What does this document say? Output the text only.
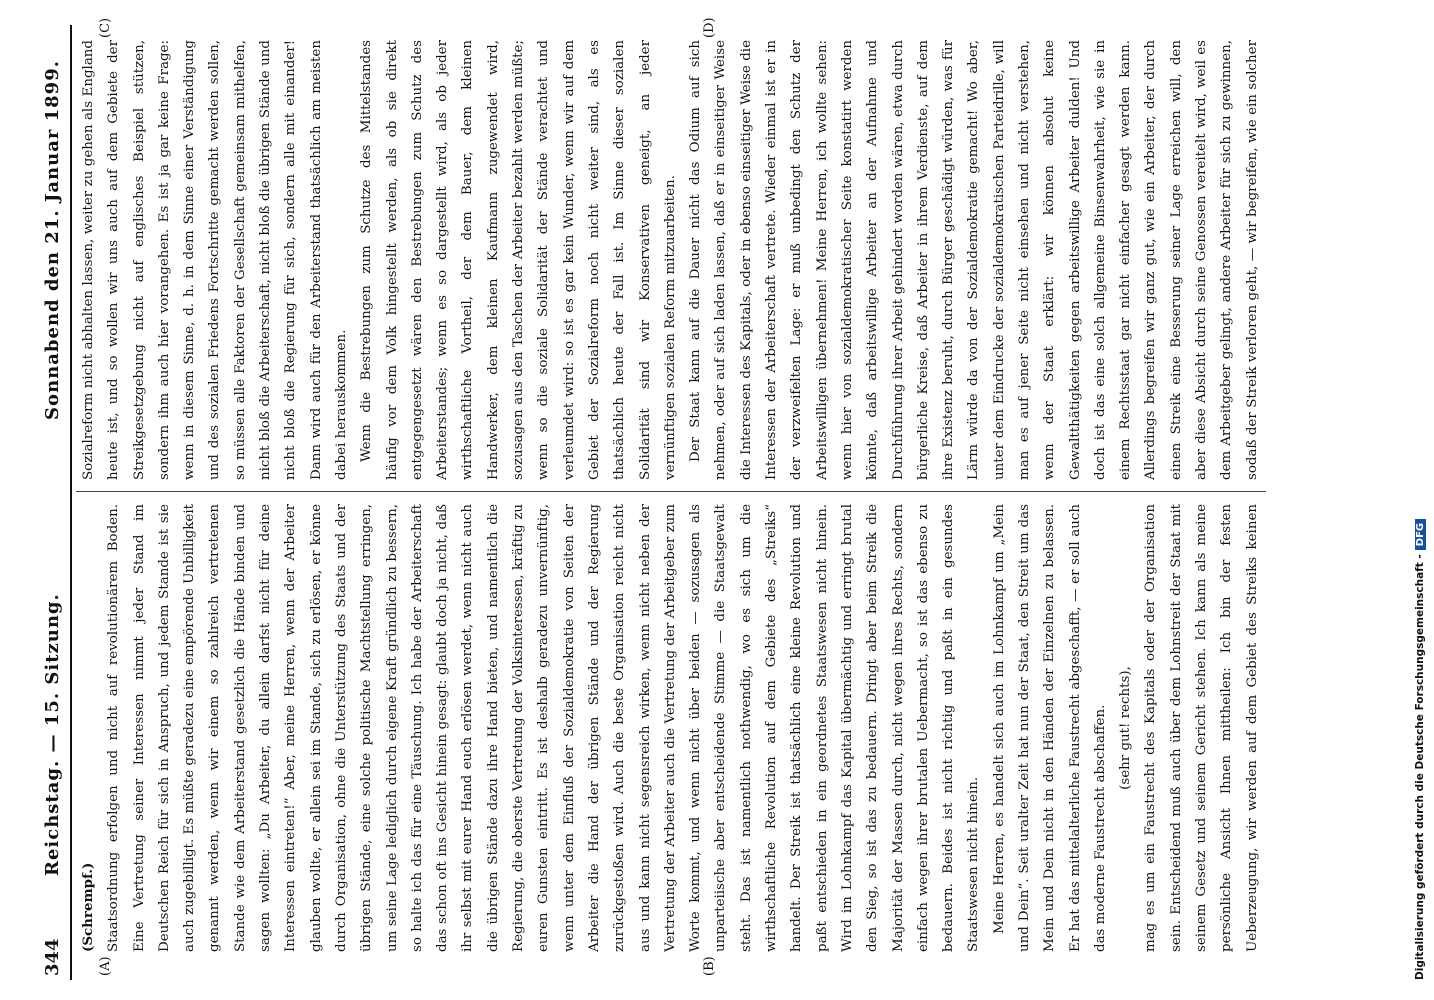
344
Reichstag. — 15. Sitzung.
Sonnabend den 21. Januar 1899.
(A)	(B)
(C)	(D)

(Schrempf.) Staatsordnung erfolgen und nicht auf revolutionärem Boden. Eine Vertretung seiner Interessen nimmt jeder Stand im Deutschen Reich für sich in Anspruch, und jedem Stande ist sie auch zugebilligt. Es müßte geradezu eine empörende Unbilligkeit genannt werden, wenn wir einem so zahlreich vertretenen Stande wie dem Arbeiterstand gesetzlich die Hände binden und sagen wollten: „Du Arbeiter, du allein darfst nicht für deine Interessen eintreten!“ Aber, meine Herren, wenn der Arbeiter glauben wollte, er allein sei im Stande, sich zu erlösen, er könne durch Organisation, ohne die Unterstützung des Staats und der übrigen Stände, eine solche politische Machtstellung erringen, um seine Lage lediglich durch eigene Kraft gründlich zu bessern, so halte ich das für eine Täuschung. Ich habe der Arbeiterschaft das schon oft ins Gesicht hinein gesagt: glaubt doch ja nicht, daß ihr selbst mit eurer Hand euch erlösen werdet, wenn nicht auch die übrigen Stände dazu ihre Hand bieten, und namentlich die Regierung, die oberste Vertretung der Volksinteressen, kräftig zu euren Gunsten eintritt. Es ist deshalb geradezu unvernünftig, wenn unter dem Einfluß der Sozialdemokratie von Seiten der Arbeiter die Hand der übrigen Stände und der Regierung zurückgestoßen wird. Auch die beste Organisation reicht nicht aus und kann nicht segensreich wirken, wenn nicht neben der Vertretung der Arbeiter auch die Vertretung der Arbeitgeber zum Worte kommt, und wenn nicht über beiden — sozusagen als unparteiische aber entscheidende Stimme — die Staatsgewalt steht. Das ist namentlich nothwendig, wo es sich um die wirthschaftliche Revolution auf dem Gebiete des „Streiks“ handelt. Der Streik ist thatsächlich eine kleine Revolution und paßt entschieden in ein geordnetes Staatswesen nicht hinein. Wird im Lohnkampf das Kapital übermächtig und erringt brutal den Sieg, so ist das zu bedauern. Dringt aber beim Streik die Majorität der Massen durch, nicht wegen ihres Rechts, sondern einfach wegen ihrer brutalen Uebermacht, so ist das ebenso zu bedauern. Beides ist nicht richtig und paßt in ein gesundes Staatswesen nicht hinein. Meine Herren, es handelt sich auch im Lohnkampf um „Mein und Dein“. Seit uralter Zeit hat nun der Staat, den Streit um das Mein und Dein nicht in den Händen der Einzelnen zu belassen. Er hat das mittelalterliche Faustrecht abgeschafft, — er soll auch das moderne Faustrecht abschaffen. (sehr gut! rechts),

mag es um ein Faustrecht des Kapitals oder der Organisation sein. Entscheidend muß auch über dem Lohnstreit der Staat mit seinem Gesetz und seinem Gericht stehen. Ich kann als meine persönliche Ansicht Ihnen mittheilen: Ich bin der festen Ueberzeugung, wir werden auf dem Gebiet des Streiks keinen

Sozialreform nicht abhalten lassen, weiter zu gehen als England heute ist, und so wollen wir uns auch auf dem Gebiete der Streikgesetzgebung nicht auf englisches Beispiel stützen, sondern ihm auch hier vorangehen. Es ist ja gar keine Frage: wenn in diesem Sinne, d. h. in dem Sinne einer Verständigung und des sozialen Friedens Fortschritte gemacht werden sollen, so müssen alle Faktoren der Gesellschaft gemeinsam mithelfen, nicht bloß die Arbeiterschaft, nicht bloß die übrigen Stände und nicht bloß die Regierung für sich, sondern alle mit einander! Dann wird auch für den Arbeiterstand thatsächlich am meisten dabei herauskommen. Wenn die Bestrebungen zum Schutze des Mittelstandes häufig vor dem Volk hingestellt werden, als ob sie direkt entgegengesetzt wären den Bestrebungen zum Schutz des Arbeiterstandes; wenn es so dargestellt wird, als ob jeder wirthschaftliche Vortheil, der dem Bauer, dem kleinen Handwerker, dem kleinen Kaufmann zugewendet wird, sozusagen aus den Taschen der Arbeiter bezahlt werden müßte; wenn so die soziale Solidarität der Stände verachtet und verleumdet wird: so ist es gar kein Wunder, wenn wir auf dem Gebiet der Sozialreform noch nicht weiter sind, als es thatsächlich heute der Fall ist. Im Sinne dieser sozialen Solidarität sind wir Konservativen geneigt, an jeder vernünftigen sozialen Reform mitzuarbeiten. Der Staat kann auf die Dauer nicht das Odium auf sich nehmen, oder auf sich laden lassen, daß er in einseitiger Weise die Interessen des Kapitals, oder in ebenso einseitiger Weise die Interessen der Arbeiterschaft vertrete. Wieder einmal ist er in der verzweifelten Lage: er muß unbedingt den Schutz der Arbeitswilligen übernehmen! Meine Herren, ich wollte sehen: wenn hier von sozialdemokratischer Seite konstatirt werden könnte, daß arbeitswillige Arbeiter an der Aufnahme und Durchführung ihrer Arbeit gehindert worden wären, etwa durch bürgerliche Kreise, daß Arbeiter in ihrem Verdienste, auf dem ihre Existenz beruht, durch Bürger geschädigt würden, was für Lärm würde da von der Sozialdemokratie gemacht! Wo aber, unter dem Eindrucke der sozialdemokratischen Parteidrille, will man es auf jener Seite nicht einsehen und nicht verstehen, wenn der Staat erklärt: wir können absolut keine Gewaltthätigkeiten gegen arbeitswillige Arbeiter dulden! Und doch ist das eine solch allgemeine Binsenwahrheit, wie sie in einem Rechtsstaat gar nicht einfacher gesagt werden kann. Allerdings begreifen wir ganz gut, wie ein Arbeiter, der durch einen Streik eine Besserung seiner Lage erreichen will, den aber diese Absicht durch seine Genossen vereitelt wird, weil es dem Arbeitgeber gelingt, andere Arbeiter für sich zu gewinnen, sodaß der Streik verloren geht, — wir begreifen, wie ein solcher

Digitalisierung gefördert durch die Deutsche Forschungsgemeinschaft -DFG
